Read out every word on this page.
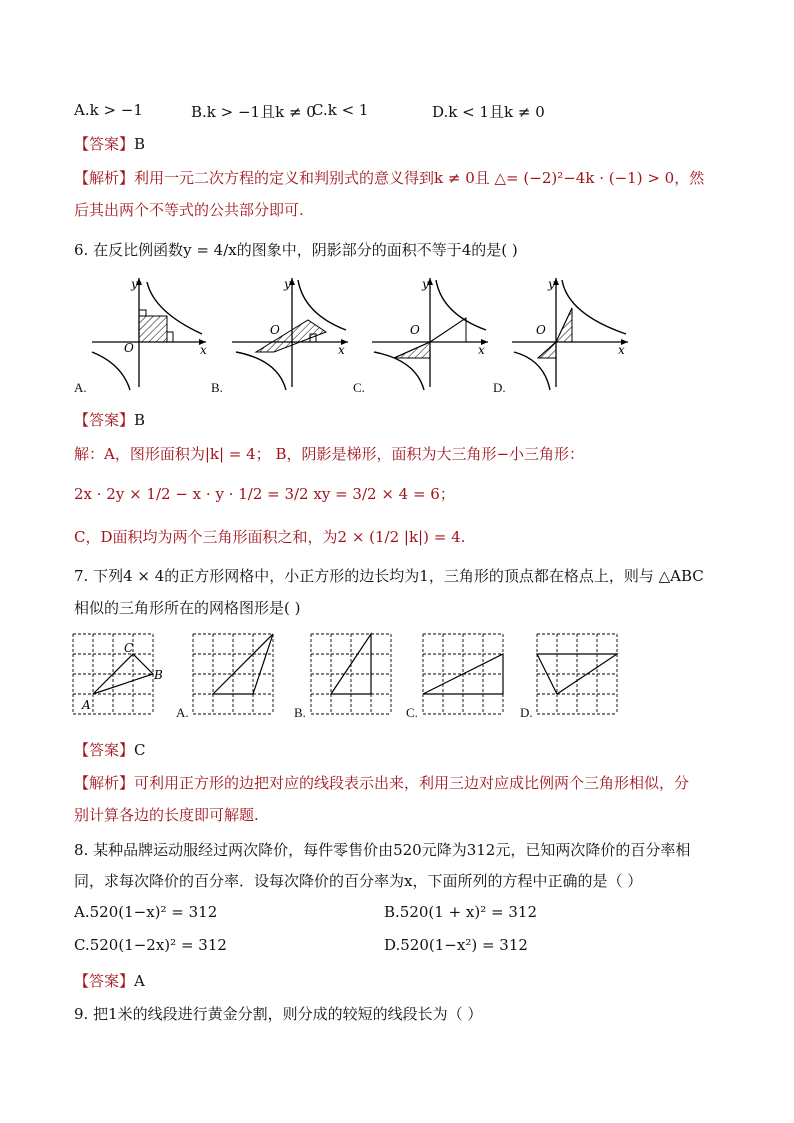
A.k > −1	B.k > −1且k ≠ 0
C.k < 1	D.k < 1且k ≠ 0
【答案】B
【解析】利用一元二次方程的定义和判别式的意义得到k ≠ 0且 △= (−2)²−4k · (−1) > 0，然
后其出两个不等式的公共部分即可.
6. 在反比例函数y = 4/x的图象中，阴影部分的面积不等于4的是( )
y
O	x
A.
y
O
x
B.
y
O
x
C.
y
O
x
D.
【答案】B
解：A，图形面积为|k| = 4； B，阴影是梯形，面积为大三角形−小三角形：
2x · 2y × 1/2 − x · y · 1/2 = 3/2 xy = 3/2 × 4 = 6；
C，D面积均为两个三角形面积之和，为2 × (1/2 |k|) = 4.
7. 下列4 × 4的正方形网格中，小正方形的边长均为1，三角形的顶点都在格点上，则与 △ABC
相似的三角形所在的网格图形是( )
A
B
C
A.	B.	C.	D.
【答案】C
【解析】可利用正方形的边把对应的线段表示出来，利用三边对应成比例两个三角形相似，分
别计算各边的长度即可解题.
8. 某种品牌运动服经过两次降价，每件零售价由520元降为312元，已知两次降价的百分率相
同，求每次降价的百分率．设每次降价的百分率为x，下面所列的方程中正确的是（ ）
A.520(1−x)² = 312	B.520(1 + x)² = 312
C.520(1−2x)² = 312	D.520(1−x²) = 312
【答案】A
9. 把1米的线段进行黄金分割，则分成的较短的线段长为（ ）
